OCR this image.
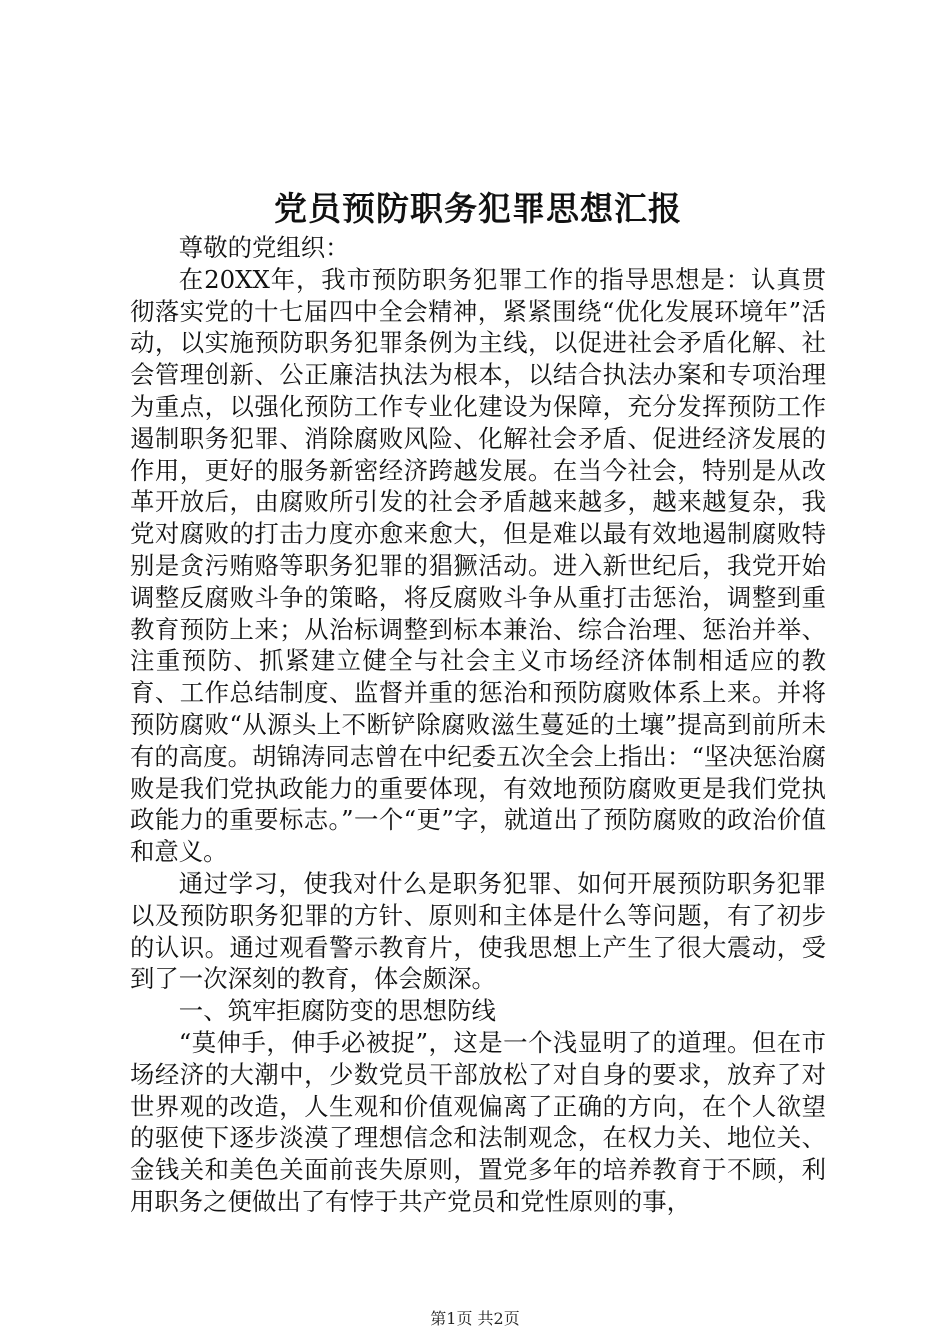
党员预防职务犯罪思想汇报

尊敬的党组织：

在20XX年，我市预防职务犯罪工作的指导思想是：认真贯彻落实党的十七届四中全会精神，紧紧围绕“优化发展环境年”活动，以实施预防职务犯罪条例为主线，以促进社会矛盾化解、社会管理创新、公正廉洁执法为根本，以结合执法办案和专项治理为重点，以强化预防工作专业化建设为保障，充分发挥预防工作遏制职务犯罪、消除腐败风险、化解社会矛盾、促进经济发展的作用，更好的服务新密经济跨越发展。在当今社会，特别是从改革开放后，由腐败所引发的社会矛盾越来越多，越来越复杂，我党对腐败的打击力度亦愈来愈大，但是难以最有效地遏制腐败特别是贪污贿赂等职务犯罪的猖獗活动。进入新世纪后，我党开始调整反腐败斗争的策略，将反腐败斗争从重打击惩治，调整到重教育预防上来；从治标调整到标本兼治、综合治理、惩治并举、注重预防、抓紧建立健全与社会主义市场经济体制相适应的教育、工作总结制度、监督并重的惩治和预防腐败体系上来。并将预防腐败“从源头上不断铲除腐败滋生蔓延的土壤”提高到前所未有的高度。胡锦涛同志曾在中纪委五次全会上指出：“坚决惩治腐败是我们党执政能力的重要体现，有效地预防腐败更是我们党执政能力的重要标志。”一个“更”字，就道出了预防腐败的政治价值和意义。

通过学习，使我对什么是职务犯罪、如何开展预防职务犯罪以及预防职务犯罪的方针、原则和主体是什么等问题，有了初步的认识。通过观看警示教育片，使我思想上产生了很大震动，受到了一次深刻的教育，体会颇深。

一、筑牢拒腐防变的思想防线

“莫伸手，伸手必被捉”，这是一个浅显明了的道理。但在市场经济的大潮中，少数党员干部放松了对自身的要求，放弃了对世界观的改造，人生观和价值观偏离了正确的方向，在个人欲望的驱使下逐步淡漠了理想信念和法制观念，在权力关、地位关、金钱关和美色关面前丧失原则，置党多年的培养教育于不顾，利用职务之便做出了有悖于共产党员和党性原则的事，

第1页 共2页
